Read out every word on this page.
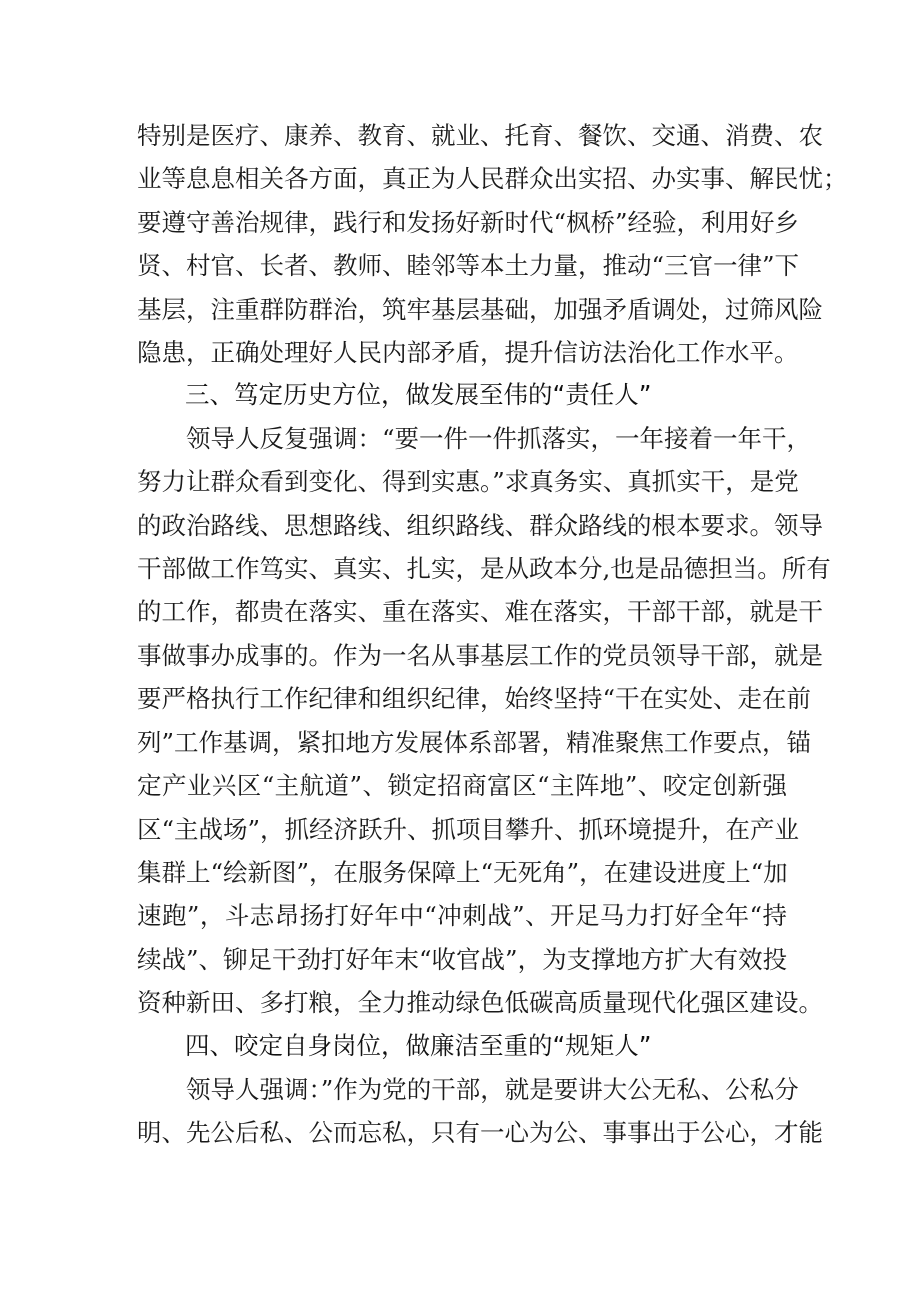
特别是医疗、康养、教育、就业、托育、餐饮、交通、消费、农
业等息息相关各方面，真正为人民群众出实招、办实事、解民忧；
要遵守善治规律，践行和发扬好新时代“枫桥”经验，利用好乡
贤、村官、长者、教师、睦邻等本土力量，推动“三官一律”下
基层，注重群防群治，筑牢基层基础，加强矛盾调处，过筛风险
隐患，正确处理好人民内部矛盾，提升信访法治化工作水平。
三、笃定历史方位，做发展至伟的“责任人”
　　领导人反复强调：“要一件一件抓落实，一年接着一年干，
努力让群众看到变化、得到实惠。”求真务实、真抓实干，是党
的政治路线、思想路线、组织路线、群众路线的根本要求。领导
干部做工作笃实、真实、扎实，是从政本分,也是品德担当。所有
的工作，都贵在落实、重在落实、难在落实，干部干部，就是干
事做事办成事的。作为一名从事基层工作的党员领导干部，就是
要严格执行工作纪律和组织纪律，始终坚持“干在实处、走在前
列”工作基调，紧扣地方发展体系部署，精准聚焦工作要点，锚
定产业兴区“主航道”、锁定招商富区“主阵地”、咬定创新强
区“主战场”，抓经济跃升、抓项目攀升、抓环境提升，在产业
集群上“绘新图”，在服务保障上“无死角”，在建设进度上“加
速跑”，斗志昂扬打好年中“冲刺战”、开足马力打好全年“持
续战”、铆足干劲打好年末“收官战”，为支撑地方扩大有效投
资种新田、多打粮，全力推动绿色低碳高质量现代化强区建设。
四、咬定自身岗位，做廉洁至重的“规矩人”
　　领导人强调：”作为党的干部，就是要讲大公无私、公私分
明、先公后私、公而忘私，只有一心为公、事事出于公心，才能
